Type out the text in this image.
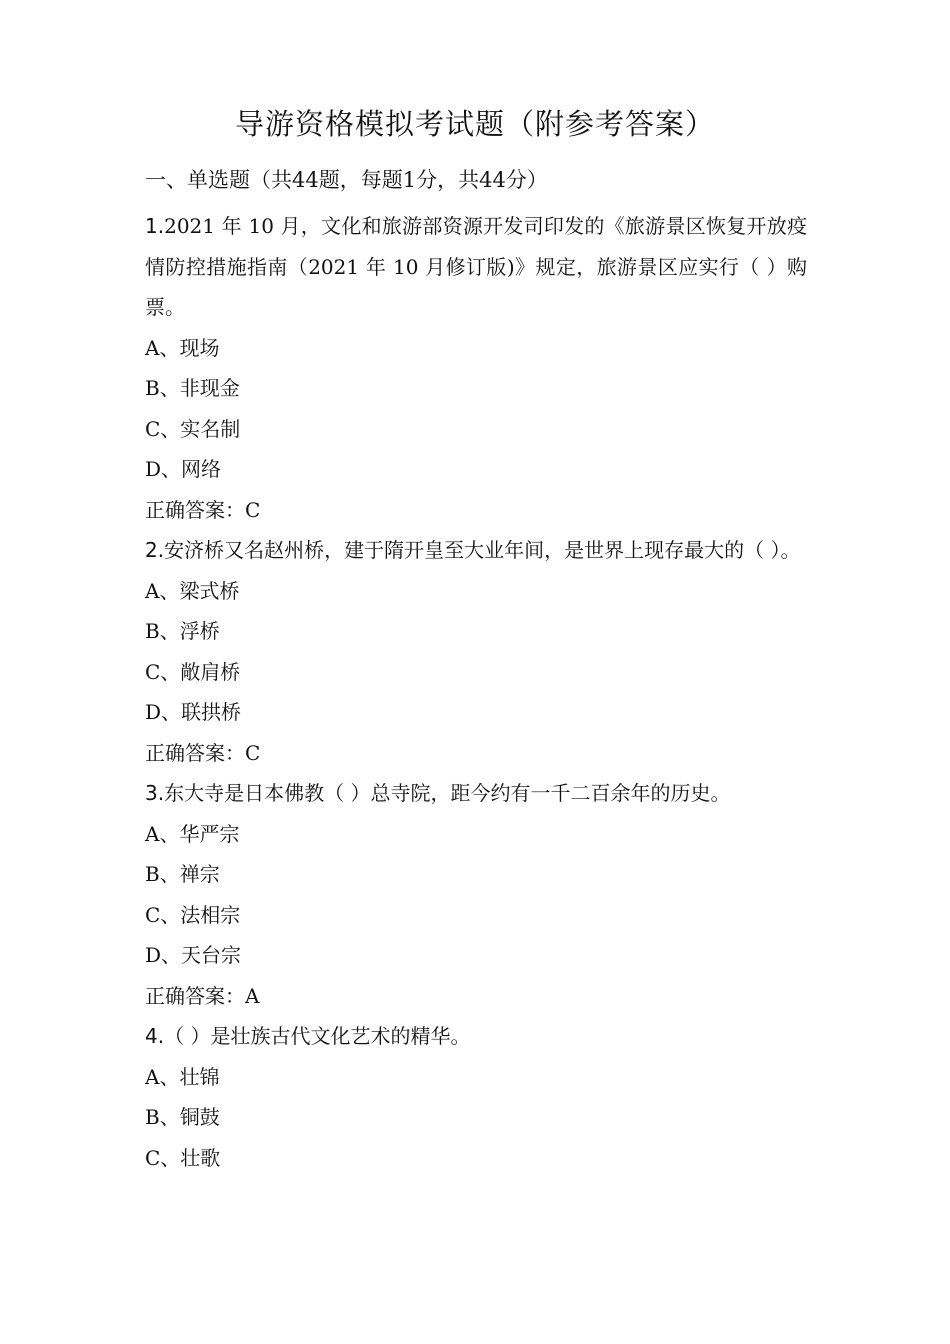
导游资格模拟考试题（附参考答案）
一、单选题（共44题，每题1分，共44分）
1.2021 年 10 月，文化和旅游部资源开发司印发的《旅游景区恢复开放疫情防控措施指南（2021 年 10 月修订版)》规定，旅游景区应实行（ ）购票。
A、现场
B、非现金
C、实名制
D、网络
正确答案：C
2.安济桥又名赵州桥，建于隋开皇至大业年间，是世界上现存最大的（ ）。
A、梁式桥
B、浮桥
C、敞肩桥
D、联拱桥
正确答案：C
3.东大寺是日本佛教（ ）总寺院，距今约有一千二百余年的历史。
A、华严宗
B、禅宗
C、法相宗
D、天台宗
正确答案：A
4.（ ）是壮族古代文化艺术的精华。
A、壮锦
B、铜鼓
C、壮歌
